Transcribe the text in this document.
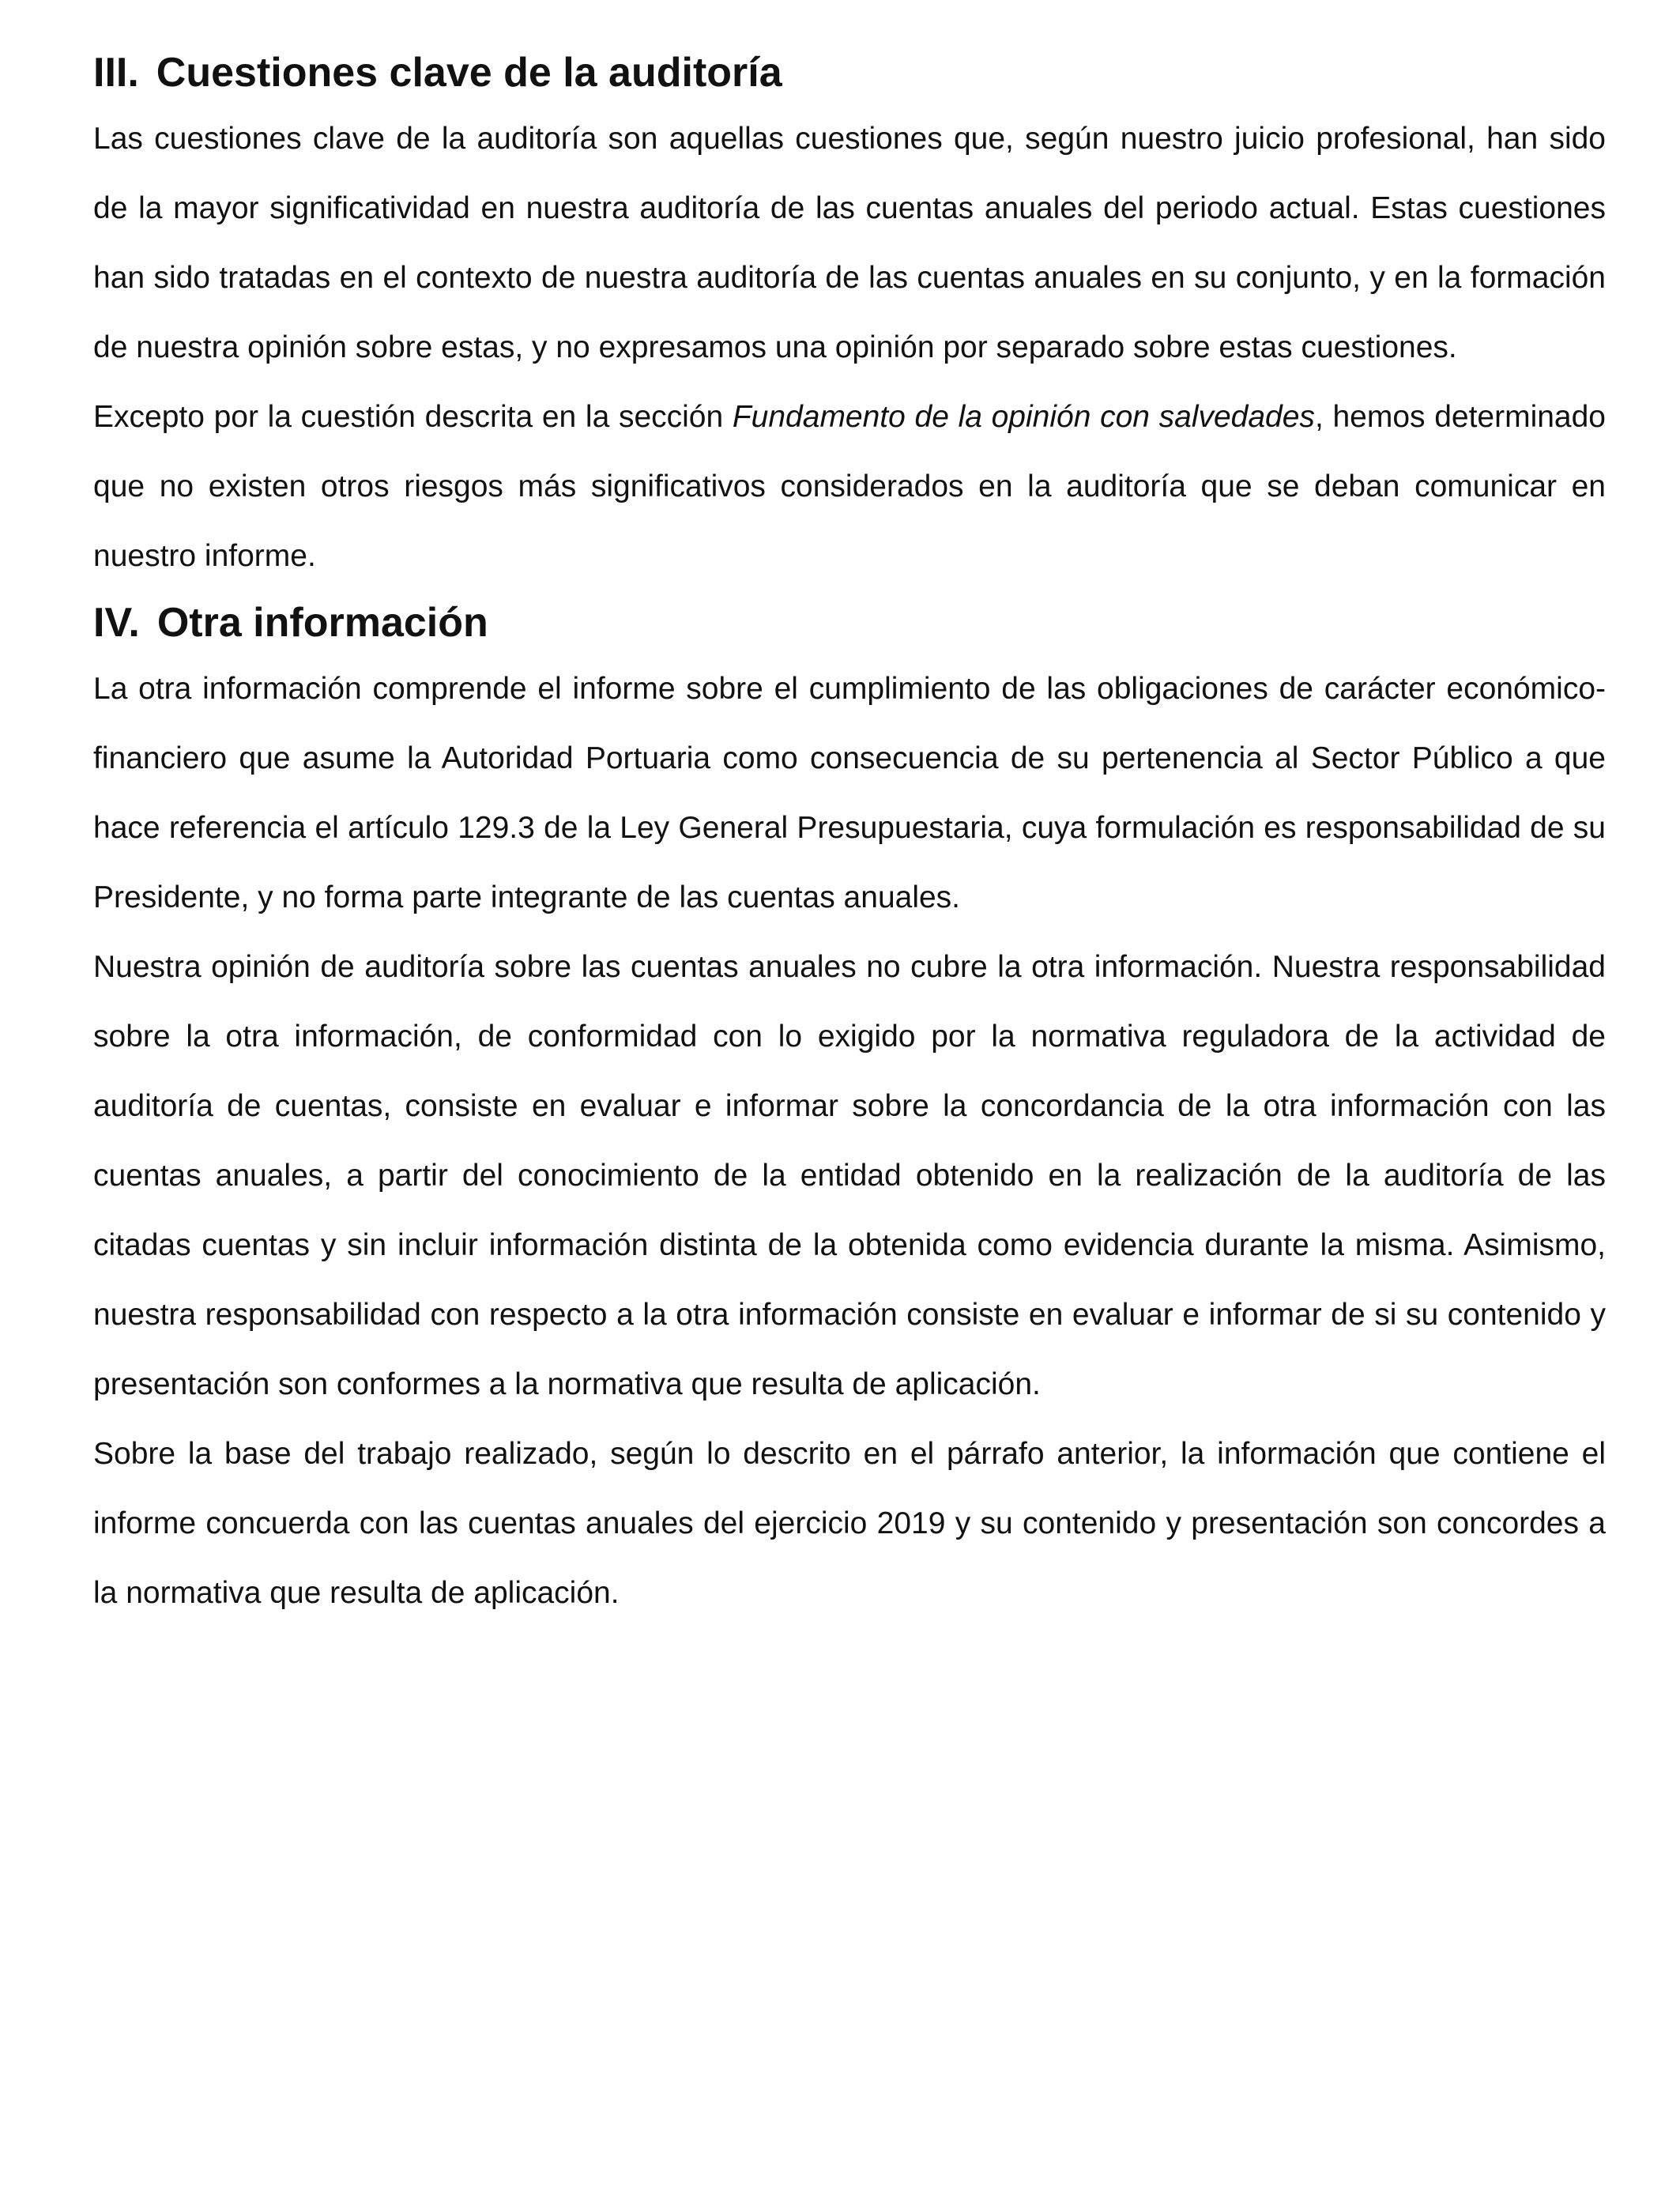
III. Cuestiones clave de la auditoría

Las cuestiones clave de la auditoría son aquellas cuestiones que, según nuestro juicio profesional, han sido de la mayor significatividad en nuestra auditoría de las cuentas anuales del periodo actual. Estas cuestiones han sido tratadas en el contexto de nuestra auditoría de las cuentas anuales en su conjunto, y en la formación de nuestra opinión sobre estas, y no expresamos una opinión por separado sobre estas cuestiones.

Excepto por la cuestión descrita en la sección Fundamento de la opinión con salvedades, hemos determinado que no existen otros riesgos más significativos considerados en la auditoría que se deban comunicar en nuestro informe.

IV. Otra información

La otra información comprende el informe sobre el cumplimiento de las obligaciones de carácter económico-financiero que asume la Autoridad Portuaria como consecuencia de su pertenencia al Sector Público a que hace referencia el artículo 129.3 de la Ley General Presupuestaria, cuya formulación es responsabilidad de su Presidente, y no forma parte integrante de las cuentas anuales.

Nuestra opinión de auditoría sobre las cuentas anuales no cubre la otra información. Nuestra responsabilidad sobre la otra información, de conformidad con lo exigido por la normativa reguladora de la actividad de auditoría de cuentas, consiste en evaluar e informar sobre la concordancia de la otra información con las cuentas anuales, a partir del conocimiento de la entidad obtenido en la realización de la auditoría de las citadas cuentas y sin incluir información distinta de la obtenida como evidencia durante la misma. Asimismo, nuestra responsabilidad con respecto a la otra información consiste en evaluar e informar de si su contenido y presentación son conformes a la normativa que resulta de aplicación.

Sobre la base del trabajo realizado, según lo descrito en el párrafo anterior, la información que contiene el informe concuerda con las cuentas anuales del ejercicio 2019 y su contenido y presentación son concordes a la normativa que resulta de aplicación.
